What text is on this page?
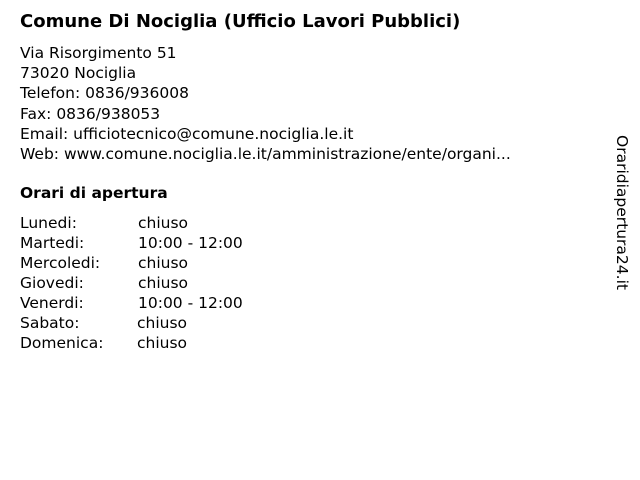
Comune Di Nociglia (Ufficio Lavori Pubblici)
Via Risorgimento 51
73020 Nociglia
Telefon: 0836/936008
Fax: 0836/938053
Email: ufficiotecnico@comune.nociglia.le.it
Web: www.comune.nociglia.le.it/amministrazione/ente/organi...
Orari di apertura
Lunedi:	chiuso
Martedi:	10:00 - 12:00
Mercoledi: chiuso
Giovedi:	chiuso
Venerdi:	10:00 - 12:00
Sabato:	chiuso
Domenica: chiuso
Oraridiapertura24.it
